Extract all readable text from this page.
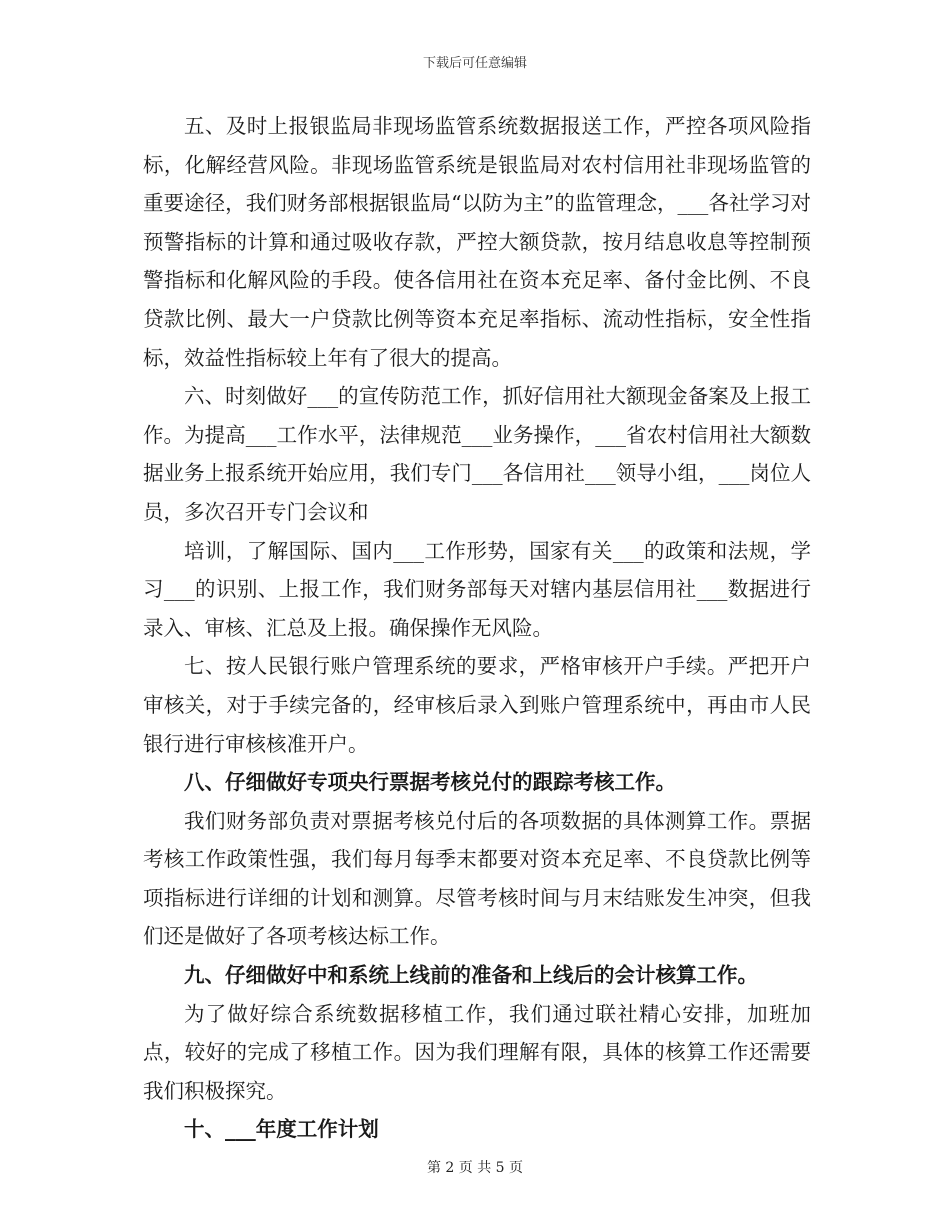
下载后可任意编辑

五、及时上报银监局非现场监管系统数据报送工作，严控各项风险指标，化解经营风险。非现场监管系统是银监局对农村信用社非现场监管的重要途径，我们财务部根据银监局“以防为主”的监管理念，___各社学习对预警指标的计算和通过吸收存款，严控大额贷款，按月结息收息等控制预警指标和化解风险的手段。使各信用社在资本充足率、备付金比例、不良贷款比例、最大一户贷款比例等资本充足率指标、流动性指标，安全性指标，效益性指标较上年有了很大的提高。

六、时刻做好___的宣传防范工作，抓好信用社大额现金备案及上报工作。为提高___工作水平，法律规范___业务操作，___省农村信用社大额数据业务上报系统开始应用，我们专门___各信用社___领导小组，___岗位人员，多次召开专门会议和

培训，了解国际、国内___工作形势，国家有关___的政策和法规，学习___的识别、上报工作，我们财务部每天对辖内基层信用社___数据进行录入、审核、汇总及上报。确保操作无风险。

七、按人民银行账户管理系统的要求，严格审核开户手续。严把开户审核关，对于手续完备的，经审核后录入到账户管理系统中，再由市人民银行进行审核核准开户。

八、仔细做好专项央行票据考核兑付的跟踪考核工作。

我们财务部负责对票据考核兑付后的各项数据的具体测算工作。票据考核工作政策性强，我们每月每季末都要对资本充足率、不良贷款比例等项指标进行详细的计划和测算。尽管考核时间与月末结账发生冲突，但我们还是做好了各项考核达标工作。

九、仔细做好中和系统上线前的准备和上线后的会计核算工作。

为了做好综合系统数据移植工作，我们通过联社精心安排，加班加点，较好的完成了移植工作。因为我们理解有限，具体的核算工作还需要我们积极探究。

十、___年度工作计划

第 2 页 共 5 页
